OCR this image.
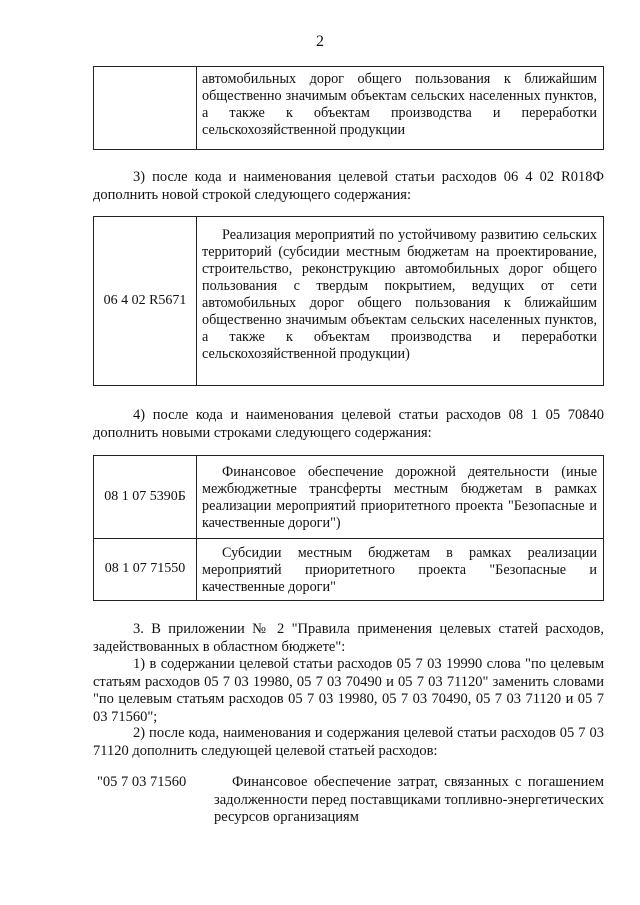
2
автомобильных дорог общего пользования к ближайшим общественно значимым объектам сельских населенных пунктов, а также к объектам производства и переработки сельскохозяйственной продукции
3) после кода и наименования целевой статьи расходов 06 4 02 R018Ф дополнить новой строкой следующего содержания:
06 4 02 R5671
Реализация мероприятий по устойчивому развитию сельских территорий (субсидии местным бюджетам на проектирование, строительство, реконструкцию автомобильных дорог общего пользования с твердым покрытием, ведущих от сети автомобильных дорог общего пользования к ближайшим общественно значимым объектам сельских населенных пунктов, а также к объектам производства и переработки сельскохозяйственной продукции)
4) после кода и наименования целевой статьи расходов 08 1 05 70840 дополнить новыми строками следующего содержания:
08 1 07 5390Б
Финансовое обеспечение дорожной деятельности (иные межбюджетные трансферты местным бюджетам в рамках реализации мероприятий приоритетного проекта "Безопасные и качественные дороги")
08 1 07 71550
Субсидии местным бюджетам в рамках реализации мероприятий приоритетного проекта "Безопасные и качественные дороги"
3. В приложении № 2 "Правила применения целевых статей расходов, задействованных в областном бюджете":
1) в содержании целевой статьи расходов 05 7 03 19990 слова "по целевым статьям расходов 05 7 03 19980, 05 7 03 70490 и 05 7 03 71120" заменить словами "по целевым статьям расходов 05 7 03 19980, 05 7 03 70490, 05 7 03 71120 и 05 7 03 71560";
2) после кода, наименования и содержания целевой статьи расходов 05 7 03 71120 дополнить следующей целевой статьей расходов:
"05 7 03 71560	Финансовое обеспечение затрат, связанных с погашением задолженности перед поставщиками топливно-энергетических ресурсов организациям
